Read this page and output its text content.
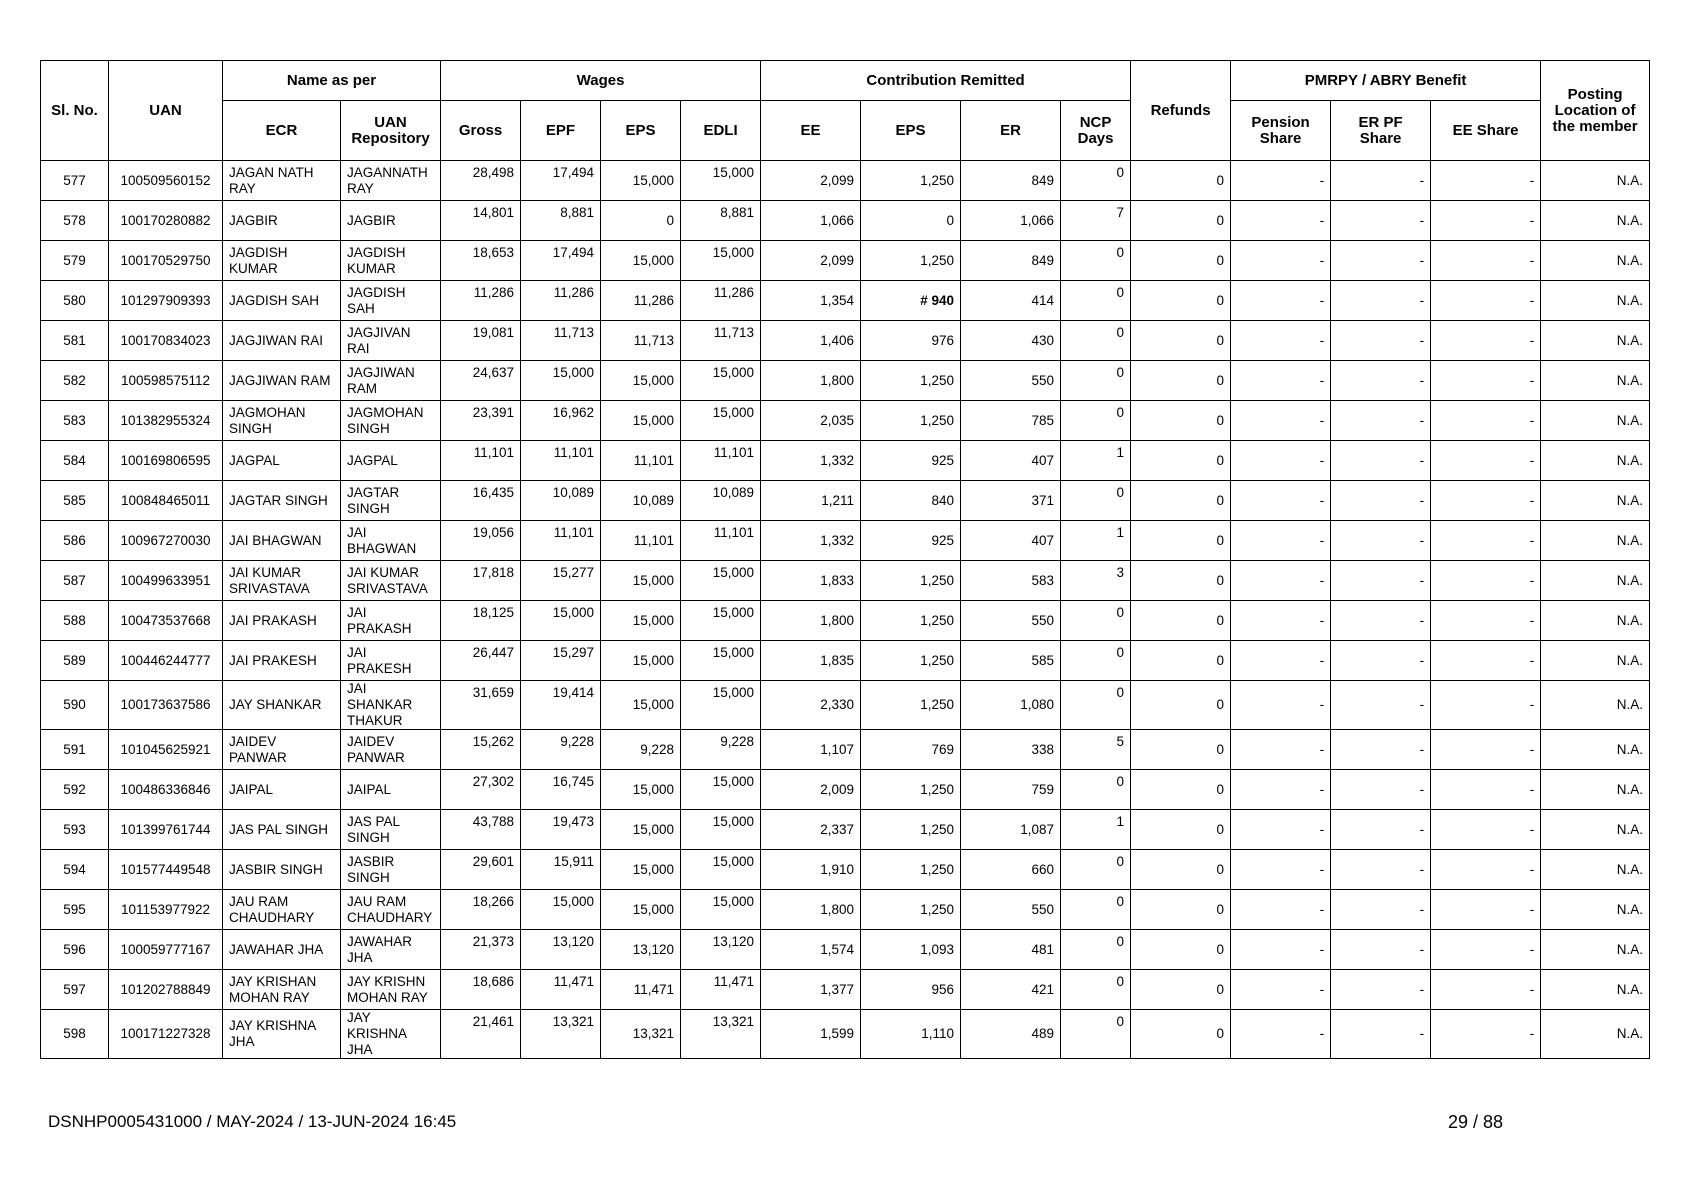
Sl. No.	UAN	Name as per		Wages				Contribution Remitted				Refunds	PMRPY / ABRY Benefit			Posting Location of the member
		ECR	UAN Repository	Gross	EPF	EPS	EDLI	EE	EPS	ER	NCP Days		Pension Share	ER PF Share	EE Share	
577	100509560152	JAGAN NATH RAY	JAGANNATH RAY	28,498	17,494	15,000	15,000	2,099	1,250	849	0	0	-	-	-	N.A.
578	100170280882	JAGBIR	JAGBIR	14,801	8,881	0	8,881	1,066	0	1,066	7	0	-	-	-	N.A.
579	100170529750	JAGDISH KUMAR	JAGDISH KUMAR	18,653	17,494	15,000	15,000	2,099	1,250	849	0	0	-	-	-	N.A.
580	101297909393	JAGDISH SAH	JAGDISH SAH	11,286	11,286	11,286	11,286	1,354	# 940	414	0	0	-	-	-	N.A.
581	100170834023	JAGJIWAN RAI	JAGJIVAN RAI	19,081	11,713	11,713	11,713	1,406	976	430	0	0	-	-	-	N.A.
582	100598575112	JAGJIWAN RAM	JAGJIWAN RAM	24,637	15,000	15,000	15,000	1,800	1,250	550	0	0	-	-	-	N.A.
583	101382955324	JAGMOHAN SINGH	JAGMOHAN SINGH	23,391	16,962	15,000	15,000	2,035	1,250	785	0	0	-	-	-	N.A.
584	100169806595	JAGPAL	JAGPAL	11,101	11,101	11,101	11,101	1,332	925	407	1	0	-	-	-	N.A.
585	100848465011	JAGTAR SINGH	JAGTAR SINGH	16,435	10,089	10,089	10,089	1,211	840	371	0	0	-	-	-	N.A.
586	100967270030	JAI BHAGWAN	JAI BHAGWAN	19,056	11,101	11,101	11,101	1,332	925	407	1	0	-	-	-	N.A.
587	100499633951	JAI KUMAR SRIVASTAVA	JAI KUMAR SRIVASTAVA	17,818	15,277	15,000	15,000	1,833	1,250	583	3	0	-	-	-	N.A.
588	100473537668	JAI PRAKASH	JAI PRAKASH	18,125	15,000	15,000	15,000	1,800	1,250	550	0	0	-	-	-	N.A.
589	100446244777	JAI PRAKESH	JAI PRAKESH	26,447	15,297	15,000	15,000	1,835	1,250	585	0	0	-	-	-	N.A.
590	100173637586	JAY SHANKAR	JAI SHANKAR THAKUR	31,659	19,414	15,000	15,000	2,330	1,250	1,080	0	0	-	-	-	N.A.
591	101045625921	JAIDEV PANWAR	JAIDEV PANWAR	15,262	9,228	9,228	9,228	1,107	769	338	5	0	-	-	-	N.A.
592	100486336846	JAIPAL	JAIPAL	27,302	16,745	15,000	15,000	2,009	1,250	759	0	0	-	-	-	N.A.
593	101399761744	JAS PAL SINGH	JAS PAL SINGH	43,788	19,473	15,000	15,000	2,337	1,250	1,087	1	0	-	-	-	N.A.
594	101577449548	JASBIR SINGH	JASBIR SINGH	29,601	15,911	15,000	15,000	1,910	1,250	660	0	0	-	-	-	N.A.
595	101153977922	JAU RAM CHAUDHARY	JAU RAM CHAUDHARY	18,266	15,000	15,000	15,000	1,800	1,250	550	0	0	-	-	-	N.A.
596	100059777167	JAWAHAR JHA	JAWAHAR JHA	21,373	13,120	13,120	13,120	1,574	1,093	481	0	0	-	-	-	N.A.
597	101202788849	JAY KRISHAN MOHAN RAY	JAY KRISHN MOHAN RAY	18,686	11,471	11,471	11,471	1,377	956	421	0	0	-	-	-	N.A.
598	100171227328	JAY KRISHNA JHA	JAY KRISHNA JHA	21,461	13,321	13,321	13,321	1,599	1,110	489	0	0	-	-	-	N.A.
DSNHP0005431000 / MAY-2024 / 13-JUN-2024 16:45	29 / 88
